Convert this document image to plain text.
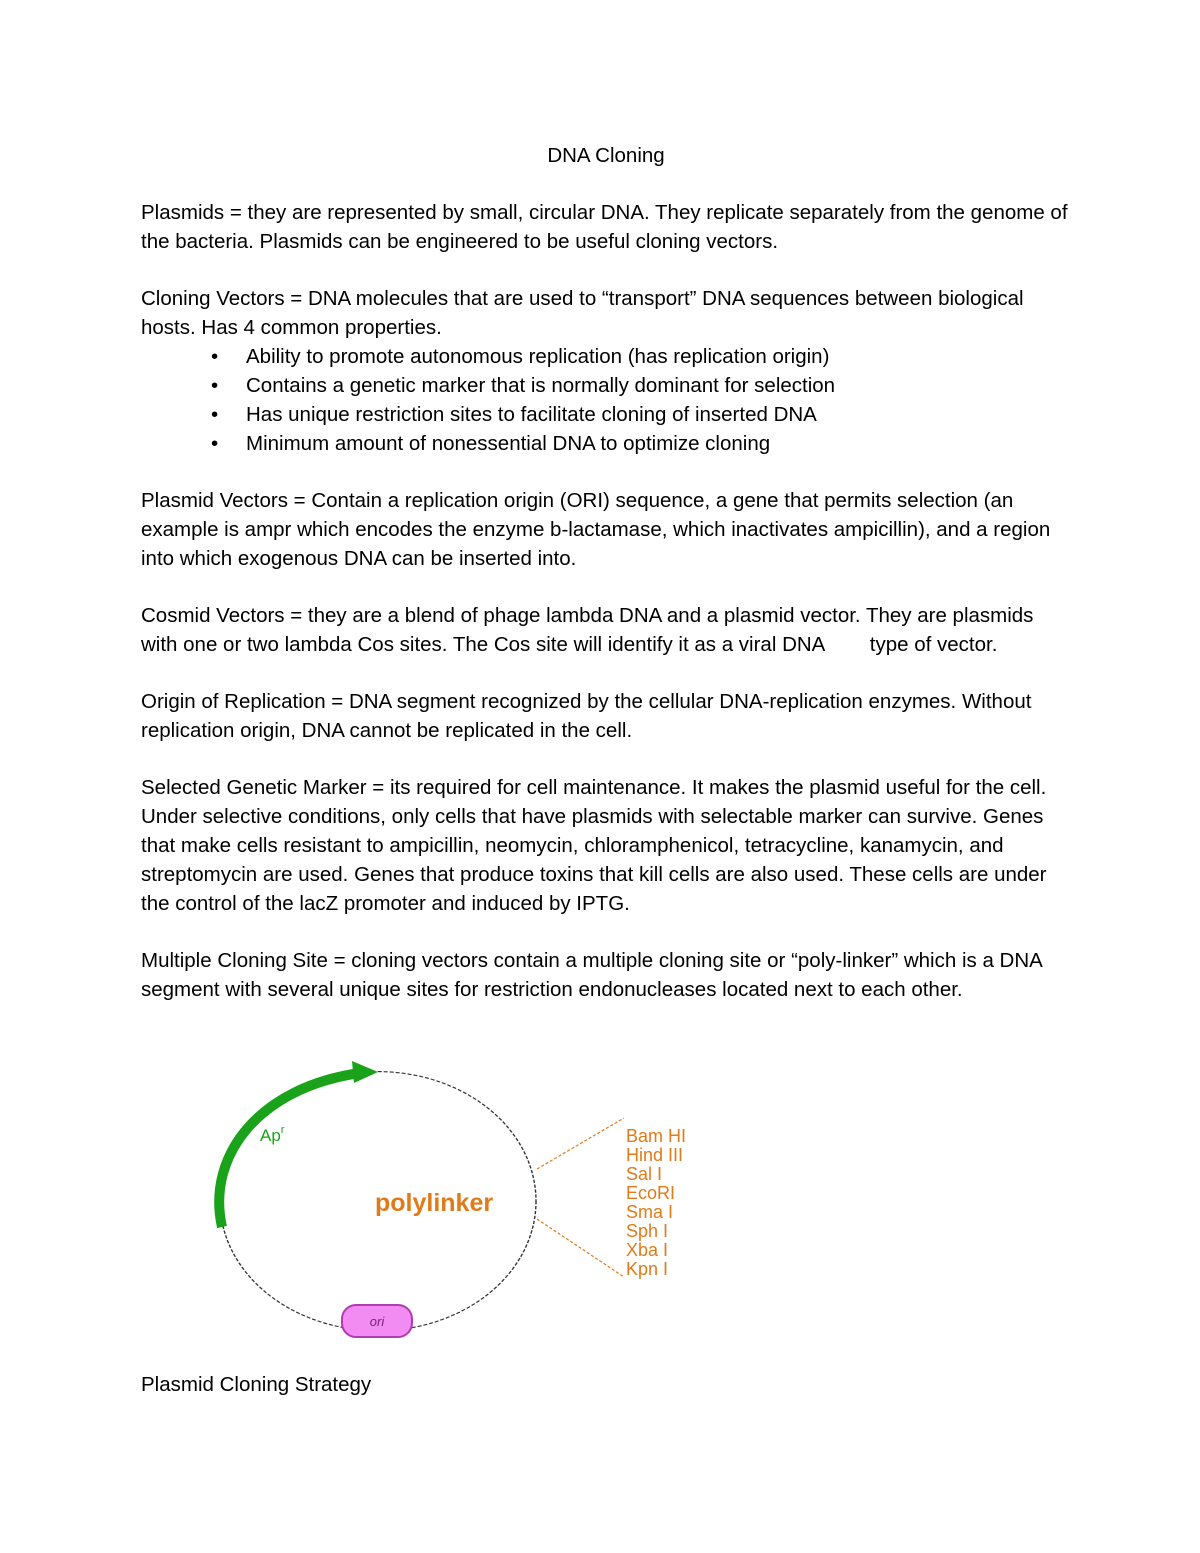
DNA Cloning
Plasmids = they are represented by small, circular DNA. They replicate separately from the genome of the bacteria. Plasmids can be engineered to be useful cloning vectors.
Cloning Vectors = DNA molecules that are used to “transport” DNA sequences between biological hosts. Has 4 common properties.
• Ability to promote autonomous replication (has replication origin)
• Contains a genetic marker that is normally dominant for selection
• Has unique restriction sites to facilitate cloning of inserted DNA
• Minimum amount of nonessential DNA to optimize cloning
Plasmid Vectors = Contain a replication origin (ORI) sequence, a gene that permits selection (an example is ampr which encodes the enzyme b-lactamase, which inactivates ampicillin), and a region into which exogenous DNA can be inserted into.
Cosmid Vectors = they are a blend of phage lambda DNA and a plasmid vector. They are plasmids with one or two lambda Cos sites. The Cos site will identify it as a viral DNA        type of vector.
Origin of Replication = DNA segment recognized by the cellular DNA-replication enzymes. Without replication origin, DNA cannot be replicated in the cell.
Selected Genetic Marker = its required for cell maintenance. It makes the plasmid useful for the cell. Under selective conditions, only cells that have plasmids with selectable marker can survive. Genes that make cells resistant to ampicillin, neomycin, chloramphenicol, tetracycline, kanamycin, and streptomycin are used. Genes that produce toxins that kill cells are also used. These cells are under the control of the lacZ promoter and induced by IPTG.
Multiple Cloning Site = cloning vectors contain a multiple cloning site or “poly-linker” which is a DNA segment with several unique sites for restriction endonucleases located next to each other.
Ap$^r$
polylinker
Bam HI
Hind III
Sal I
EcoRI
Sma I
Sph I
Xba I
Kpn I
ori
Plasmid Cloning Strategy
